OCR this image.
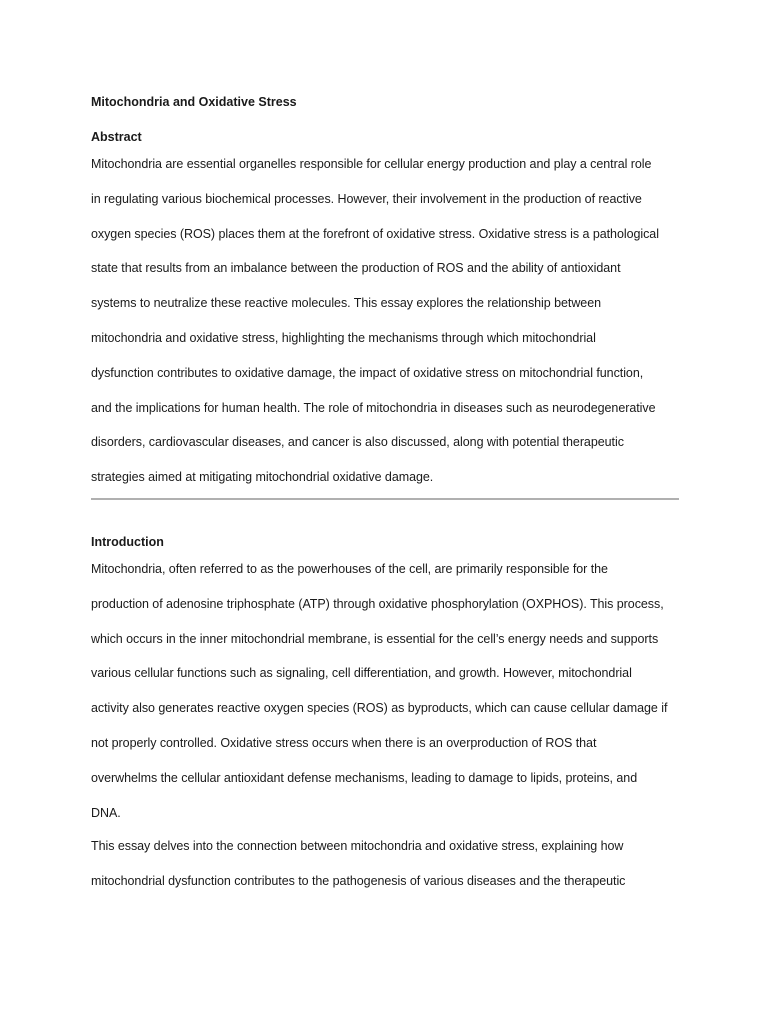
Mitochondria and Oxidative Stress

Abstract

Mitochondria are essential organelles responsible for cellular energy production and play a central role
in regulating various biochemical processes. However, their involvement in the production of reactive
oxygen species (ROS) places them at the forefront of oxidative stress. Oxidative stress is a pathological
state that results from an imbalance between the production of ROS and the ability of antioxidant
systems to neutralize these reactive molecules. This essay explores the relationship between
mitochondria and oxidative stress, highlighting the mechanisms through which mitochondrial
dysfunction contributes to oxidative damage, the impact of oxidative stress on mitochondrial function,
and the implications for human health. The role of mitochondria in diseases such as neurodegenerative
disorders, cardiovascular diseases, and cancer is also discussed, along with potential therapeutic
strategies aimed at mitigating mitochondrial oxidative damage.

Introduction

Mitochondria, often referred to as the powerhouses of the cell, are primarily responsible for the
production of adenosine triphosphate (ATP) through oxidative phosphorylation (OXPHOS). This process,
which occurs in the inner mitochondrial membrane, is essential for the cell’s energy needs and supports
various cellular functions such as signaling, cell differentiation, and growth. However, mitochondrial
activity also generates reactive oxygen species (ROS) as byproducts, which can cause cellular damage if
not properly controlled. Oxidative stress occurs when there is an overproduction of ROS that
overwhelms the cellular antioxidant defense mechanisms, leading to damage to lipids, proteins, and
DNA.

This essay delves into the connection between mitochondria and oxidative stress, explaining how
mitochondrial dysfunction contributes to the pathogenesis of various diseases and the therapeutic
